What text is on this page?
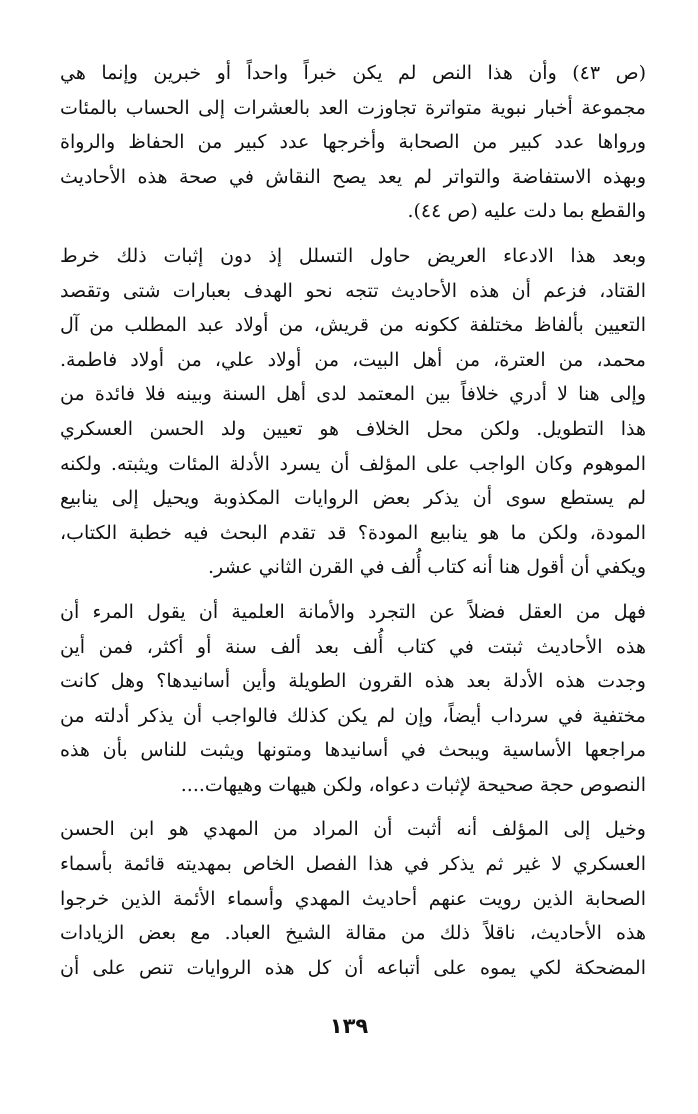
(ص ٤٣) وأن هذا النص لم يكن خبراً واحداً أو خبرين وإنما هي
مجموعة أخبار نبوية متواترة تجاوزت العد بالعشرات إلى الحساب بالمئات
ورواها عدد كبير من الصحابة وأخرجها عدد كبير من الحفاظ والرواة
وبهذه الاستفاضة والتواتر لم يعد يصح النقاش في صحة هذه الأحاديث
والقطع بما دلت عليه (ص ٤٤).

وبعد هذا الادعاء العريض حاول التسلل إذ دون إثبات ذلك خرط
القتاد، فزعم أن هذه الأحاديث تتجه نحو الهدف بعبارات شتى وتقصد
التعيين بألفاظ مختلفة ككونه من قريش، من أولاد عبد المطلب من آل
محمد، من العترة، من أهل البيت، من أولاد علي، من أولاد فاطمة.
وإلى هنا لا أدري خلافاً بين المعتمد لدى أهل السنة وبينه فلا فائدة من
هذا التطويل. ولكن محل الخلاف هو تعيين ولد الحسن العسكري
الموهوم وكان الواجب على المؤلف أن يسرد الأدلة المئات ويثبته. ولكنه
لم يستطع سوى أن يذكر بعض الروايات المكذوبة ويحيل إلى ينابيع
المودة، ولكن ما هو ينابيع المودة؟ قد تقدم البحث فيه خطبة الكتاب،
ويكفي أن أقول هنا أنه كتاب أُلف في القرن الثاني عشر.

فهل من العقل فضلاً عن التجرد والأمانة العلمية أن يقول المرء أن
هذه الأحاديث ثبتت في كتاب أُلف بعد ألف سنة أو أكثر، فمن أين
وجدت هذه الأدلة بعد هذه القرون الطويلة وأين أسانيدها؟ وهل كانت
مختفية في سرداب أيضاً، وإن لم يكن كذلك فالواجب أن يذكر أدلته من
مراجعها الأساسية ويبحث في أسانيدها ومتونها ويثبت للناس بأن هذه
النصوص حجة صحيحة لإثبات دعواه، ولكن هيهات وهيهات....

وخيل إلى المؤلف أنه أثبت أن المراد من المهدي هو ابن الحسن
العسكري لا غير ثم يذكر في هذا الفصل الخاص بمهديته قائمة بأسماء
الصحابة الذين رويت عنهم أحاديث المهدي وأسماء الأئمة الذين خرجوا
هذه الأحاديث، ناقلاً ذلك من مقالة الشيخ العباد. مع بعض الزيادات
المضحكة لكي يموه على أتباعه أن كل هذه الروايات تنص على أن

١٣٩
